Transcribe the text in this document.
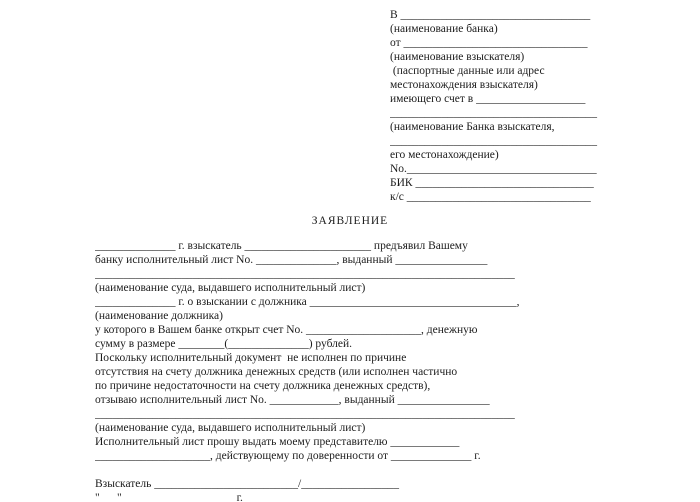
В _________________________________
(наименование банка)
от ________________________________
(наименование взыскателя)
(паспортные данные или адрес
местонахождения взыскателя)
имеющего счет в ___________________
____________________________________
(наименование Банка взыскателя,
____________________________________
его местонахождение)
No._________________________________
БИК _______________________________
к/с ________________________________
ЗАЯВЛЕНИЕ
______________ г. взыскатель ______________________ предъявил Вашему
банку исполнительный лист No. ______________, выданный ________________
_________________________________________________________________________
(наименование суда, выдавшего исполнительный лист)
______________ г. о взыскании с должника ____________________________________,
(наименование должника)
у которого в Вашем банке открыт счет No. ____________________, денежную
сумму в размере ________(______________) рублей.
Поскольку исполнительный документ  не исполнен по причине
отсутствия на счету должника денежных средств (или исполнен частично
по причине недостаточности на счету должника денежных средств),
отзываю исполнительный лист No. ____________, выданный ________________
_________________________________________________________________________
(наименование суда, выдавшего исполнительный лист)
Исполнительный лист прошу выдать моему представителю ____________
____________________, действующему по доверенности от ______________ г.
Взыскатель _________________________/_________________
"___"_______________ ____ г.
